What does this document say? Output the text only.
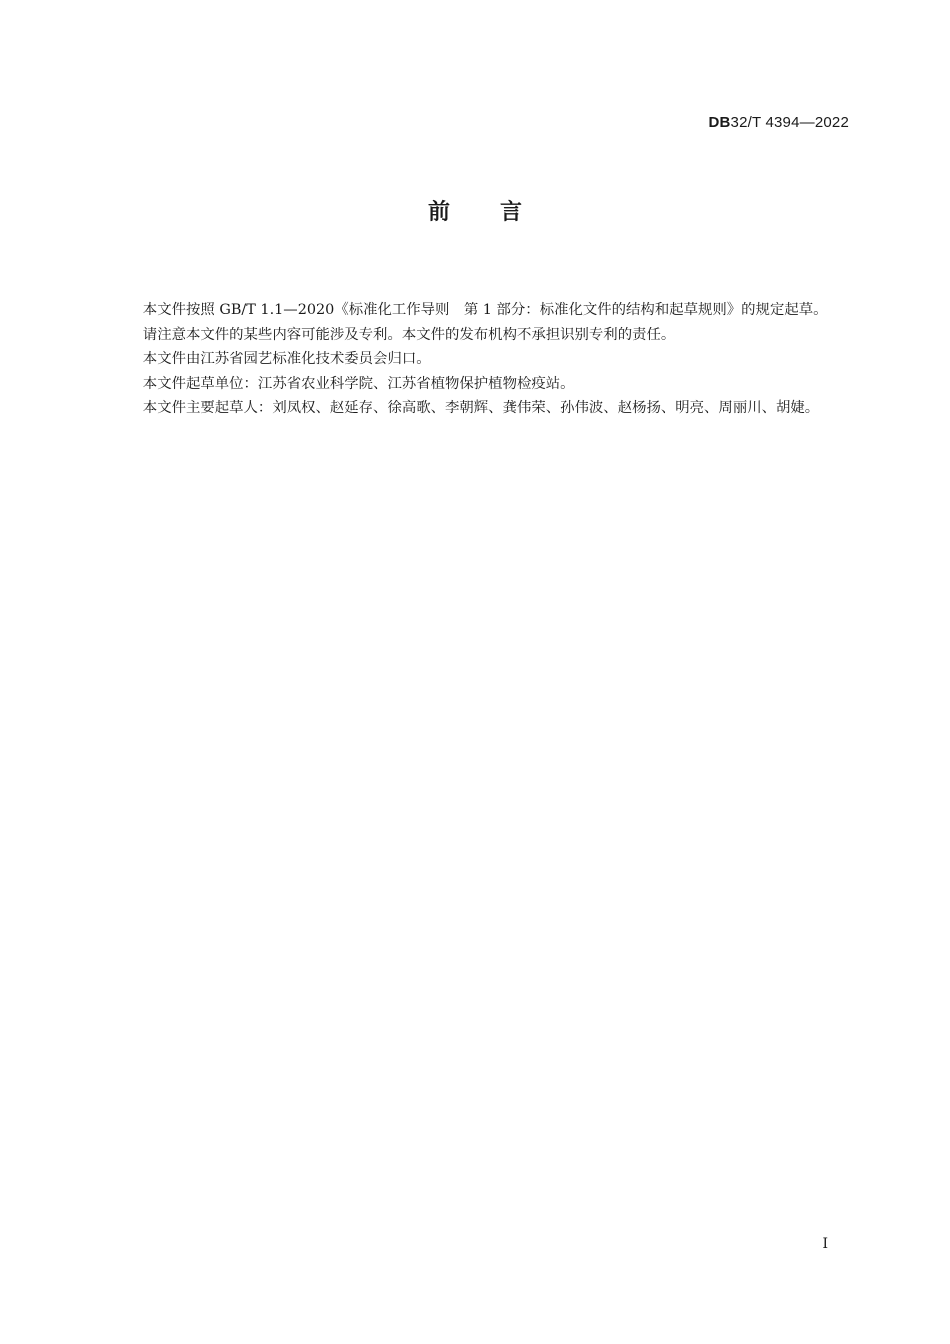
DB32/T 4394—2022
前言

本文件按照 GB/T 1.1—2020《标准化工作导则　第 1 部分：标准化文件的结构和起草规则》的规定起草。

请注意本文件的某些内容可能涉及专利。本文件的发布机构不承担识别专利的责任。

本文件由江苏省园艺标准化技术委员会归口。

本文件起草单位：江苏省农业科学院、江苏省植物保护植物检疫站。

本文件主要起草人：刘凤权、赵延存、徐高歌、李朝辉、龚伟荣、孙伟波、赵杨扬、明亮、周丽川、胡婕。

I
